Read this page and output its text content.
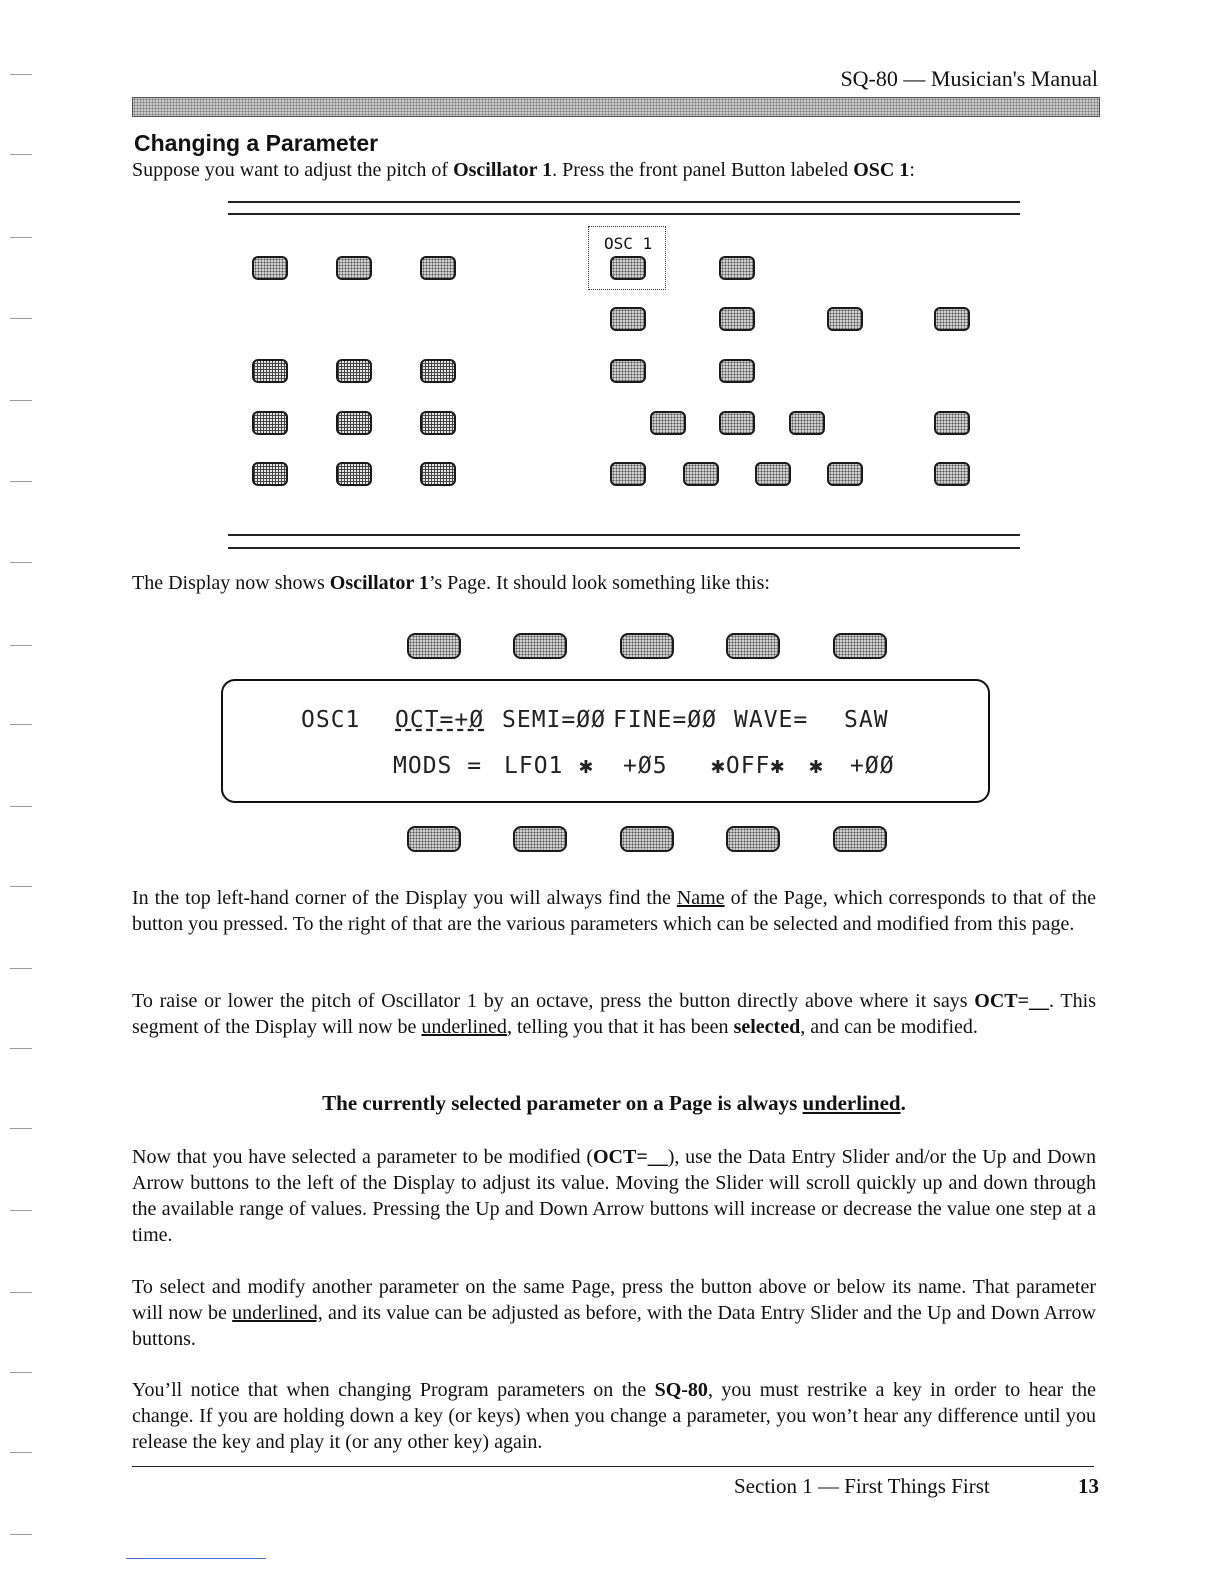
SQ-80 — Musician's Manual
Changing a Parameter
Suppose you want to adjust the pitch of Oscillator 1. Press the front panel Button labeled OSC 1:
OSC 1
The Display now shows Oscillator 1’s Page. It should look something like this:
OSC1 OCT=+Ø SEMI=ØØ FINE=ØØ WAVE= SAW
MODS = LFO1 ✱ +Ø5 ✱OFF✱ ✱ +ØØ
In the top left-hand corner of the Display you will always find the Name of the Page, which corresponds to that of the button you pressed. To the right of that are the various parameters which can be selected and modified from this page.
To raise or lower the pitch of Oscillator 1 by an octave, press the button directly above where it says OCT=__. This segment of the Display will now be underlined, telling you that it has been selected, and can be modified.
The currently selected parameter on a Page is always underlined.
Now that you have selected a parameter to be modified (OCT=__), use the Data Entry Slider and/or the Up and Down Arrow buttons to the left of the Display to adjust its value. Moving the Slider will scroll quickly up and down through the available range of values. Pressing the Up and Down Arrow buttons will increase or decrease the value one step at a time.
To select and modify another parameter on the same Page, press the button above or below its name. That parameter will now be underlined, and its value can be adjusted as before, with the Data Entry Slider and the Up and Down Arrow buttons.
You’ll notice that when changing Program parameters on the SQ-80, you must restrike a key in order to hear the change. If you are holding down a key (or keys) when you change a parameter, you won’t hear any difference until you release the key and play it (or any other key) again.
Section 1 — First Things First	13
